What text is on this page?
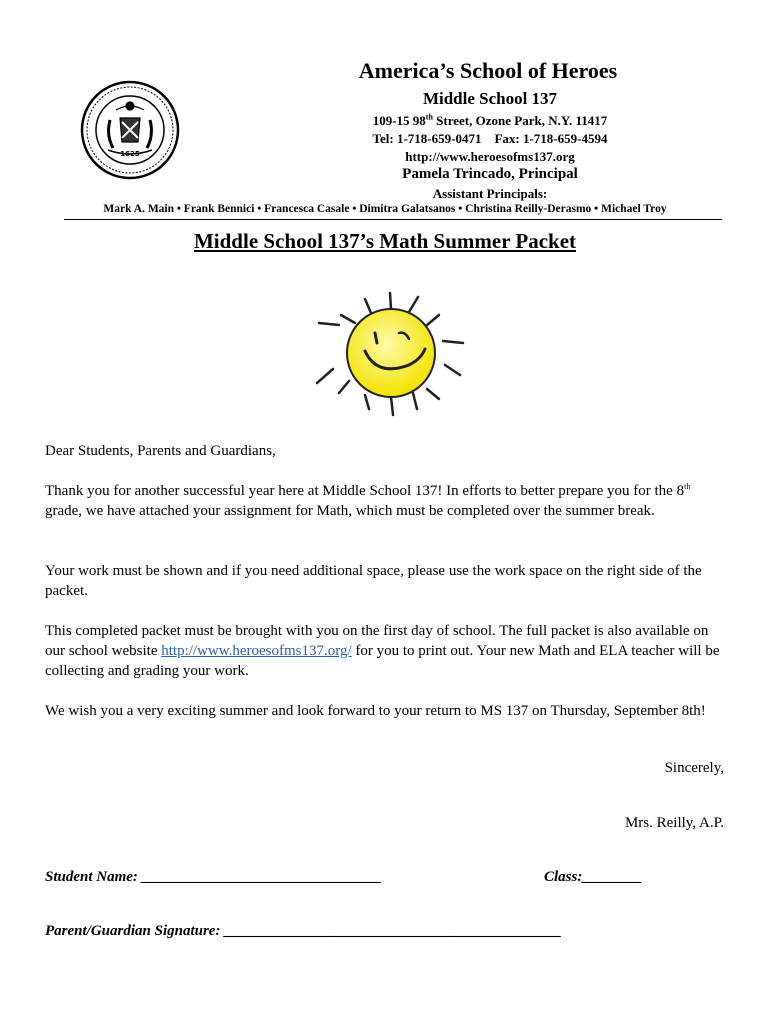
1625
America’s School of Heroes
Middle School 137
109-15 98th Street, Ozone Park, N.Y. 11417
Tel: 1-718-659-0471    Fax: 1-718-659-4594
http://www.heroesofms137.org
Pamela Trincado, Principal
Assistant Principals:
Mark A. Main • Frank Bennici • Francesca Casale • Dimitra Galatsanos • Christina Reilly-Derasmo • Michael Troy
Middle School 137’s Math Summer Packet

Dear Students, Parents and Guardians,

Thank you for another successful year here at Middle School 137! In efforts to better prepare you for the 8th grade, we have attached your assignment for Math, which must be completed over the summer break.

Your work must be shown and if you need additional space, please use the work space on the right side of the packet.

This completed packet must be brought with you on the first day of school. The full packet is also available on our school website http://www.heroesofms137.org/ for you to print out. Your new Math and ELA teacher will be collecting and grading your work.

We wish you a very exciting summer and look forward to your return to MS 137 on Thursday, September 8th!

Sincerely,
Mrs. Reilly, A.P.
Student Name: ________________________________	Class:________
Parent/Guardian Signature: _____________________________________________
